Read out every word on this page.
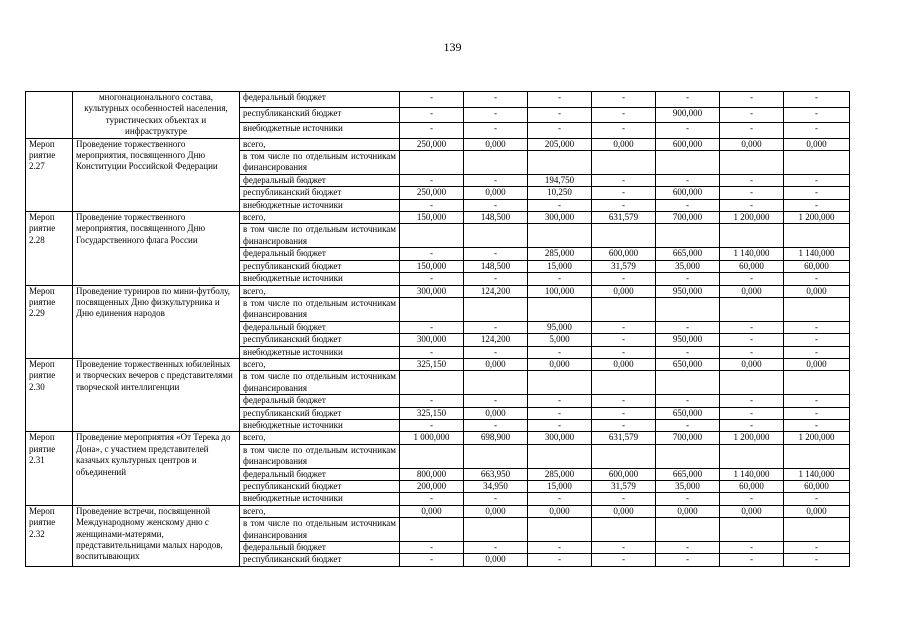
139
	многонационального состава, культурных особенностей населения, туристических объектах и инфраструктуре	федеральный бюджет	-	-	-	-	-	-	-
		республиканский бюджет	-	-	-	-	900,000	-	-
		внебюджетные источники	-	-	-	-	-	-	-
Мероп
риятие
2.27	Проведение торжественного мероприятия, посвященного Дню Конституции Российской Федерации	всего,	250,000	0,000	205,000	0,000	600,000	0,000	0,000
		в том числе по отдельным источникам финансирования							
		федеральный бюджет	-	-	194,750	-	-	-	-
		республиканский бюджет	250,000	0,000	10,250	-	600,000	-	-
		внебюджетные источники	-	-	-	-	-	-	-
Мероп
риятие
2.28	Проведение торжественного мероприятия, посвященного Дню Государственного флага России	всего,	150,000	148,500	300,000	631,579	700,000	1 200,000	1 200,000
		в том числе по отдельным источникам финансирования							
		федеральный бюджет	-	-	285,000	600,000	665,000	1 140,000	1 140,000
		республиканский бюджет	150,000	148,500	15,000	31,579	35,000	60,000	60,000
		внебюджетные источники	-	-	-	-	-	-	-
Мероп
риятие
2.29	Проведение турниров по мини-футболу, посвященных Дню физкультурника и Дню единения народов	всего,	300,000	124,200	100,000	0,000	950,000	0,000	0,000
		в том числе по отдельным источникам финансирования							
		федеральный бюджет	-	-	95,000	-	-	-	-
		республиканский бюджет	300,000	124,200	5,000	-	950,000	-	-
		внебюджетные источники	-	-	-	-	-	-	-
Мероп
риятие
2.30	Проведение торжественных юбилейных и творческих вечеров с представителями творческой интеллигенции	всего,	325,150	0,000	0,000	0,000	650,000	0,000	0,000
		в том числе по отдельным источникам финансирования							
		федеральный бюджет	-	-	-	-	-	-	-
		республиканский бюджет	325,150	0,000	-	-	650,000	-	-
		внебюджетные источники	-	-	-	-	-	-	-
Мероп
риятие
2.31	Проведение мероприятия «От Терека до Дона», с участием представителей казачьих культурных центров и объединений	всего,	1 000,000	698,900	300,000	631,579	700,000	1 200,000	1 200,000
		в том числе по отдельным источникам финансирования							
		федеральный бюджет	800,000	663,950	285,000	600,000	665,000	1 140,000	1 140,000
		республиканский бюджет	200,000	34,950	15,000	31,579	35,000	60,000	60,000
		внебюджетные источники	-	-	-	-	-	-	-
Мероп
риятие
2.32	Проведение встречи, посвященной Международному женскому дню с женщинами-матерями, представительницами малых народов, воспитывающих	всего,	0,000	0,000	0,000	0,000	0,000	0,000	0,000
		в том числе по отдельным источникам финансирования							
		федеральный бюджет	-	-	-	-	-	-	-
		республиканский бюджет	-	0,000	-	-	-	-	-
